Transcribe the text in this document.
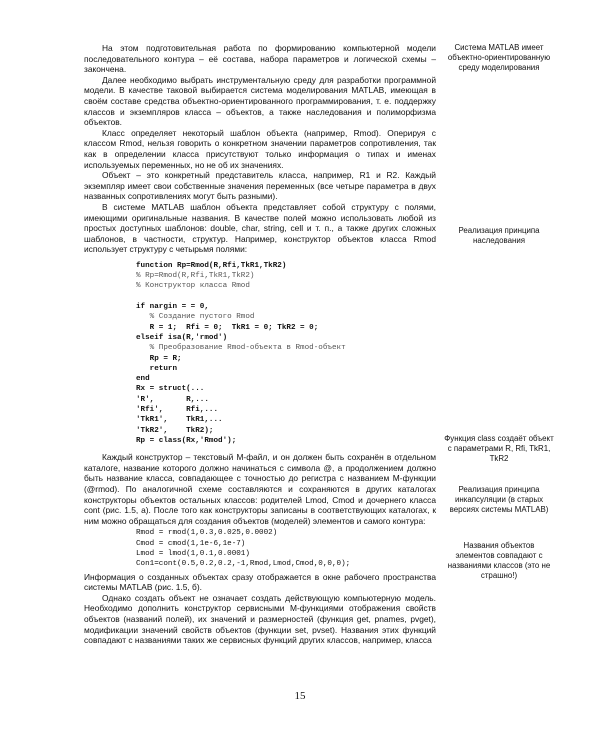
На этом подготовительная работа по формированию компьютерной модели последовательного контура – её состава, набора параметров и логической схемы – закончена.

Далее необходимо выбрать инструментальную среду для разработки программной модели. В качестве таковой выбирается система моделирования MATLAB, имеющая в своём составе средства объектно-ориентированного программирования, т. е. поддержку классов и экземпляров класса – объектов, а также наследования и полиморфизма объектов.

Класс определяет некоторый шаблон объекта (например, Rmod). Оперируя с классом Rmod, нельзя говорить о конкретном значении параметров сопротивления, так как в определении класса присутствуют только информация о типах и именах используемых переменных, но не об их значениях.

Объект – это конкретный представитель класса, например, R1 и R2. Каждый экземпляр имеет свои собственные значения переменных (все четыре параметра в двух названных сопротивлениях могут быть разными).

В системе MATLAB шаблон объекта представляет собой структуру с полями, имеющими оригинальные названия. В качестве полей можно использовать любой из простых доступных шаблонов: double, char, string, cell и т. п., а также других сложных шаблонов, в частности, структур. Например, конструктор объектов класса Rmod использует структуру с четырьмя полями:

function Rp=Rmod(R,Rfi,TkR1,TkR2)
% Rp=Rmod(R,Rfi,TkR1,TkR2)
% Конструктор класса Rmod

if nargin = = 0,
% Создание пустого Rmod
R = 1;  Rfi = 0;  TkR1 = 0; TkR2 = 0;
elseif isa(R,'rmod')
% Преобразование Rmod-объекта в Rmod-объект
Rp = R;
return
end
Rx = struct(...
'R',       R,...
'Rfi',     Rfi,...
'TkR1',    TkR1,...
'TkR2',    TkR2);
Rp = class(Rx,'Rmod');

Каждый конструктор – текстовый М-файл, и он должен быть сохранён в отдельном каталоге, название которого должно начинаться с символа @, а продолжением должно быть название класса, совпадающее с точностью до регистра с названием М-функции (@rmod). По аналогичной схеме составляются и сохраняются в других каталогах конструкторы объектов остальных классов: родителей Lmod, Cmod и дочернего класса cont (рис. 1.5, а). После того как конструкторы записаны в соответствующих каталогах, к ним можно обращаться для создания объектов (моделей) элементов и самого контура:

Rmod = rmod(1,0.3,0.025,0.0002)
Cmod = cmod(1,1e-6,1e-7)
Lmod = lmod(1,0.1,0.0001)
Con1=cont(0.5,0.2,0.2,-1,Rmod,Lmod,Cmod,0,0,0);

Информация о созданных объектах сразу отображается в окне рабочего пространства системы MATLAB (рис. 1.5, б).

Однако создать объект не означает создать действующую компьютерную модель. Необходимо дополнить конструктор сервисными М-функциями отображения свойств объектов (названий полей), их значений и размерностей (функция get, pnames, pvget), модификации значений свойств объектов (функции set, pvset). Названия этих функций совпадают с названиями таких же сервисных функций других классов, например, класса

Система MATLAB имеет объектно-ориентированную среду моделирования
Реализация принципа наследования
Функция class создаёт объект с параметрами R, Rfi, TkR1, TkR2
Реализация принципа инкапсуляции (в старых версиях системы MATLAB)
Названия объектов элементов совпадают с названиями классов (это не страшно!)
15
